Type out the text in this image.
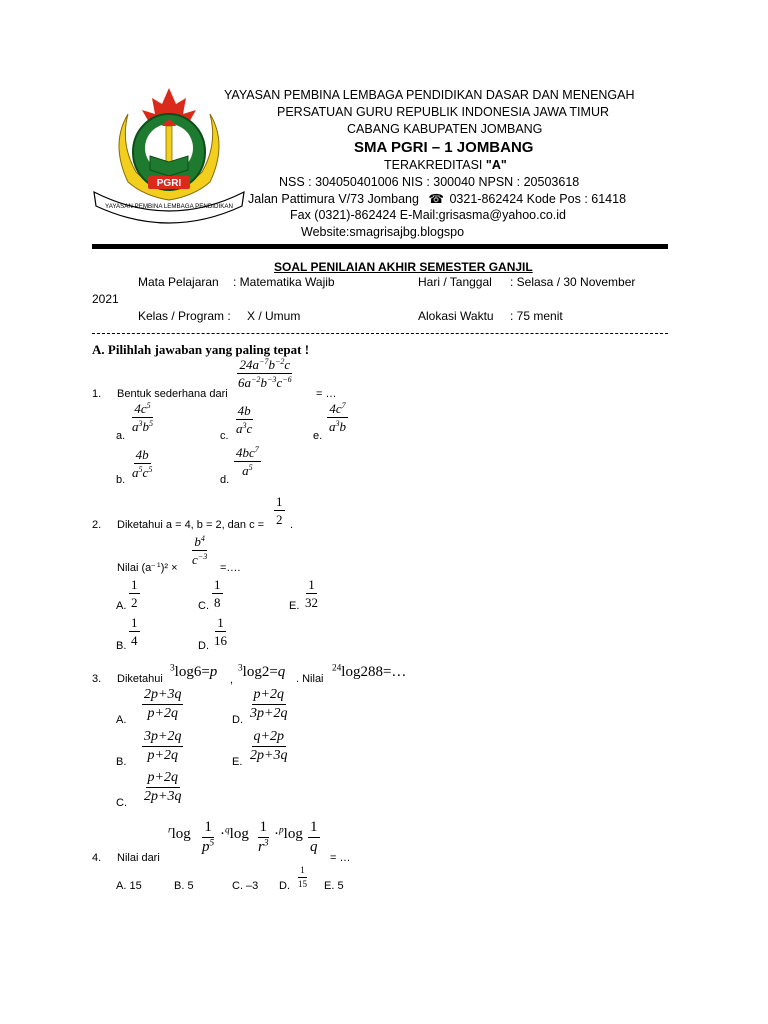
PGRI
YAYASAN PEMBINA LEMBAGA PENDIDIKAN
YAYASAN PEMBINA LEMBAGA PENDIDIKAN DASAR DAN MENENGAH
PERSATUAN GURU REPUBLIK INDONESIA JAWA TIMUR
CABANG KABUPATEN JOMBANG
SMA PGRI – 1 JOMBANG
TERAKREDITASI "A"
NSS : 304050401006 NIS : 300040 NPSN : 20503618
Jalan Pattimura V/73 Jombang ☎ 0321-862424 Kode Pos : 61418
Fax (0321)-862424 E-Mail:grisasma@yahoo.co.id
Website:smagrisajbg.blogspo
SOAL PENILAIAN AKHIR SEMESTER GANJIL
Mata Pelajaran : Matematika Wajib	Hari / Tanggal : Selasa / 30 November
2021
Kelas / Program : X / Umum	Alokasi Waktu : 75 menit
A. Pilihlah jawaban yang paling tepat !
1. Bentuk sederhana dari
$\frac{24a^{-7}b^{-2}c}{6a^{-2}b^{-3}c^{-6}}$
= …
a.
$\frac{4c^5}{a^3b^5}$
c.
$\frac{4b}{a^3c}$
e.
$\frac{4c^7}{a^3b}$
b.
$\frac{4b}{a^5c^5}$
d.
$\frac{4bc^7}{a^5}$
2. Diketahui a = 4, b = 2, dan $c = \frac{1}{2}$ .
Nilai $(a^{- 1})^2$ ×
$\frac{b^4}{c^{-3}}$
=….
A. $\frac{1}{2}$	C. $\frac{1}{8}$	E. $\frac{1}{32}$
B. $\frac{1}{4}$	D. $\frac{1}{16}$
3. Diketahui
$^3$log6=p ,
$^3$log2=q . Nilai
$^{24}$log288=…
A. $\frac{2p+3q}{p+2q}$	D. $\frac{p+2q}{3p+2q}$
B. $\frac{3p+2q}{p+2q}$	E. $\frac{q+2p}{2p+3q}$
C. $\frac{p+2q}{2p+3q}$
4. Nilai dari
$^r\log \frac{1}{p^5} \cdot^q\log \frac{1}{r^3} \cdot^p\log \frac{1}{q}$
= …
A. 15	B. 5	C. –3 D. $\frac{1}{15} E$. 5
